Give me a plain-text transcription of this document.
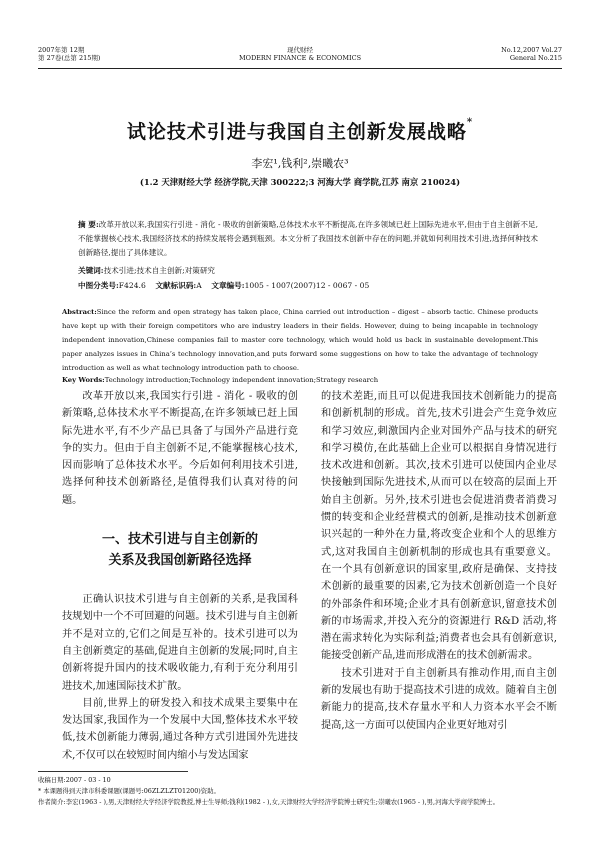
2007年第 12期
第 27卷(总第 215期)
现代财经
MODERN FINANCE & ECONOMICS
No.12,2007 Vol.27
General No.215
试论技术引进与我国自主创新发展战略*
李宏¹,钱利²,崇曦农³
(1.2 天津财经大学 经济学院,天津 300222;3 河海大学 商学院,江苏 南京 210024)
摘 要:改革开放以来,我国实行引进 - 消化 - 吸收的创新策略,总体技术水平不断提高,在许多领域已赶上国际先进水平,但由于自主创新不足,不能掌握核心技术,我国经济技术的持续发展将会遇到瓶颈。本文分析了我国技术创新中存在的问题,并就如何利用技术引进,选择何种技术创新路径,提出了具体建议。
关键词:技术引进;技术自主创新;对策研究
中图分类号:F424.6 文献标识码:A 文章编号:1005 - 1007(2007)12 - 0067 - 05
Abstract:Since the reform and open strategy has taken place, China carried out introduction – digest – absorb tactic. Chinese products have kept up with their foreign competitors who are industry leaders in their fields. However, duing to being incapable in technology independent innovation,Chinese companies fail to master core technology, which would hold us back in sustainable development.This paper analyzes issues in China’s technology innovation,and puts forward some suggestions on how to take the advantage of technology introduction as well as what technology introduction path to choose.
Key Words:Technology introduction;Technology independent innovation;Strategy research

改革开放以来,我国实行引进 - 消化 - 吸收的创新策略,总体技术水平不断提高,在许多领域已赶上国际先进水平,有不少产品已具备了与国外产品进行竞争的实力。但由于自主创新不足,不能掌握核心技术,因而影响了总体技术水平。今后如何利用技术引进,选择何种技术创新路径,是值得我们认真对待的问题。

一、技术引进与自主创新的
关系及我国创新路径选择

正确认识技术引进与自主创新的关系,是我国科技规划中一个不可回避的问题。技术引进与自主创新并不是对立的,它们之间是互补的。技术引进可以为自主创新奠定的基础,促进自主创新的发展;同时,自主创新将提升国内的技术吸收能力,有利于充分利用引进技术,加速国际技术扩散。

目前,世界上的研发投入和技术成果主要集中在发达国家,我国作为一个发展中大国,整体技术水平较低,技术创新能力薄弱,通过各种方式引进国外先进技术,不仅可以在较短时间内缩小与发达国家

的技术差距,而且可以促进我国技术创新能力的提高和创新机制的形成。首先,技术引进会产生竞争效应和学习效应,刺激国内企业对国外产品与技术的研究和学习模仿,在此基础上企业可以根据自身情况进行技术改进和创新。其次,技术引进可以使国内企业尽快接触到国际先进技术,从而可以在较高的层面上开始自主创新。另外,技术引进也会促进消费者消费习惯的转变和企业经营模式的创新,是推动技术创新意识兴起的一种外在力量,将改变企业和个人的思维方式,这对我国自主创新机制的形成也具有重要意义。在一个具有创新意识的国家里,政府是确保、支持技术创新的最重要的因素,它为技术创新创造一个良好的外部条件和环境;企业才具有创新意识,留意技术创新的市场需求,并投入充分的资源进行 R&D 活动,将潜在需求转化为实际利益;消费者也会具有创新意识,能接受创新产品,进而形成潜在的技术创新需求。

技术引进对于自主创新具有推动作用,而自主创新的发展也有助于提高技术引进的成效。随着自主创新能力的提高,技术存量水平和人力资本水平会不断提高,这一方面可以使国内企业更好地对引

收稿日期:2007 - 03 - 10
* 本课题得到天津市科委课题(课题号:06ZLZLZT01200)资助。
作者简介:李宏(1963 - ),男,天津财经大学经济学院教授,博士生导师;钱利(1982 - ),女,天津财经大学经济学院博士研究生;崇曦农(1965 - ),男,河海大学商学院博士。
